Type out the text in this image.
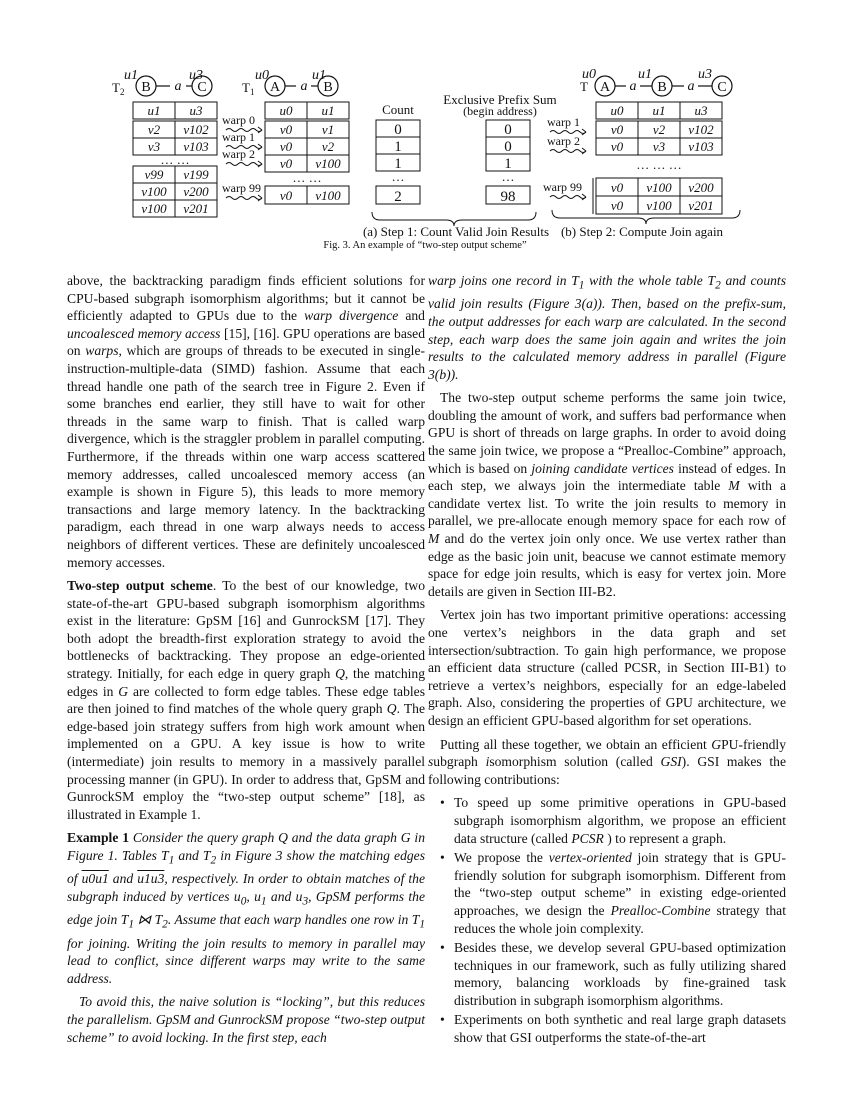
u1	u3
$T_2$ B a C
u1 u3
v2 v102
v3 v103
… …
v99 v199
v100 v200
v100 v201
warp 0
warp 1
warp 2
warp 99
u0	u1
$T_1$ A a B
u0 u1
v0 v1
v0 v2
v0 v100
… …
v0 v100
Count
0
1
1
…
2
Exclusive Prefix Sum
(begin address)
0
0
1
…
98
(a) Step 1: Count Valid Join Results
u0	u1	u3
T A a B a C
warp 1
warp 2
warp 99
u0 u1 u3
v0 v2 v102
v0 v3 v103
… … …
v0 v100 v200
v0 v100 v201
(b) Step 2: Compute Join again
Fig. 3. An example of “two-step output scheme”

above, the backtracking paradigm finds efficient solutions for CPU-based subgraph isomorphism algorithms; but it cannot be efficiently adapted to GPUs due to the warp divergence and uncoalesced memory access [15], [16]. GPU operations are based on warps, which are groups of threads to be executed in single-instruction-multiple-data (SIMD) fashion. Assume that each thread handle one path of the search tree in Figure 2. Even if some branches end earlier, they still have to wait for other threads in the same warp to finish. That is called warp divergence, which is the straggler problem in parallel computing. Furthermore, if the threads within one warp access scattered memory addresses, called uncoalesced memory access (an example is shown in Figure 5), this leads to more memory transactions and large memory latency. In the backtracking paradigm, each thread in one warp always needs to access neighbors of different vertices. These are definitely uncoalesced memory accesses.

Two-step output scheme. To the best of our knowledge, two state-of-the-art GPU-based subgraph isomorphism algorithms exist in the literature: GpSM [16] and GunrockSM [17]. They both adopt the breadth-first exploration strategy to avoid the bottlenecks of backtracking. They propose an edge-oriented strategy. Initially, for each edge in query graph Q, the matching edges in G are collected to form edge tables. These edge tables are then joined to find matches of the whole query graph Q. The edge-based join strategy suffers from high work amount when implemented on a GPU. A key issue is how to write (intermediate) join results to memory in a massively parallel processing manner (in GPU). In order to address that, GpSM and GunrockSM employ the “two-step output scheme” [18], as illustrated in Example 1.

Example 1 Consider the query graph Q and the data graph G in Figure 1. Tables $T_1$ and $T_2$ in Figure 3 show the matching edges of u0u1 and u1u3, respectively. In order to obtain matches of the subgraph induced by vertices $u_0$, $u_1$ and $u_3$, GpSM performs the edge join $T_1$ ⋈ $T_2$. Assume that each warp handles one row in $T_1$ for joining. Writing the join results to memory in parallel may lead to conflict, since different warps may write to the same address.

To avoid this, the naive solution is “locking”, but this reduces the parallelism. GpSM and GunrockSM propose “two-step output scheme” to avoid locking. In the first step, each

warp joins one record in $T_1$ with the whole table $T_2$ and counts valid join results (Figure 3(a)). Then, based on the prefix-sum, the output addresses for each warp are calculated. In the second step, each warp does the same join again and writes the join results to the calculated memory address in parallel (Figure 3(b)).

The two-step output scheme performs the same join twice, doubling the amount of work, and suffers bad performance when GPU is short of threads on large graphs. In order to avoid doing the same join twice, we propose a “Prealloc-Combine” approach, which is based on joining candidate vertices instead of edges. In each step, we always join the intermediate table M with a candidate vertex list. To write the join results to memory in parallel, we pre-allocate enough memory space for each row of M and do the vertex join only once. We use vertex rather than edge as the basic join unit, beacuse we cannot estimate memory space for edge join results, which is easy for vertex join. More details are given in Section III-B2.

Vertex join has two important primitive operations: accessing one vertex’s neighbors in the data graph and set intersection/subtraction. To gain high performance, we propose an efficient data structure (called PCSR, in Section III-B1) to retrieve a vertex’s neighbors, especially for an edge-labeled graph. Also, considering the properties of GPU architecture, we design an efficient GPU-based algorithm for set operations.

Putting all these together, we obtain an efficient GPU-friendly subgraph isomorphism solution (called GSI). GSI makes the following contributions:

• To speed up some primitive operations in GPU-based subgraph isomorphism algorithm, we propose an efficient data structure (called PCSR ) to represent a graph.
• We propose the vertex-oriented join strategy that is GPU-friendly solution for subgraph isomorphism. Different from the “two-step output scheme” in existing edge-oriented approaches, we design the Prealloc-Combine strategy that reduces the whole join complexity.
• Besides these, we develop several GPU-based optimization techniques in our framework, such as fully utilizing shared memory, balancing workloads by fine-grained task distribution in subgraph isomorphism algorithms.
• Experiments on both synthetic and real large graph datasets show that GSI outperforms the state-of-the-art
